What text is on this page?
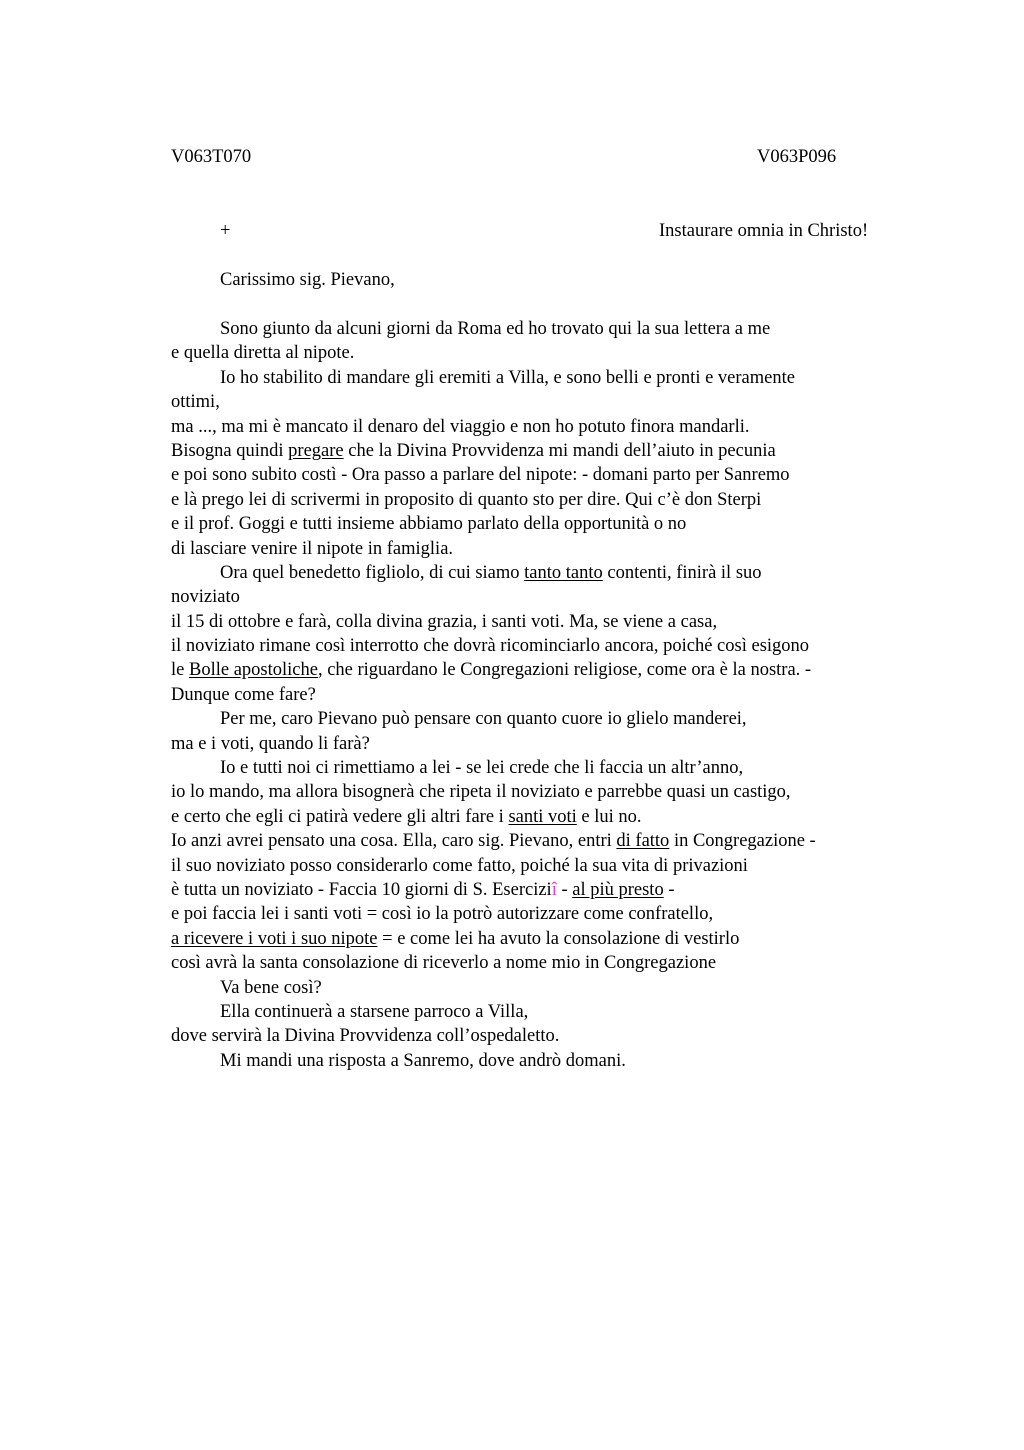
V063T070	V063P096
+	Instaurare omnia in Christo!
Carissimo sig. Pievano,
Sono giunto da alcuni giorni da Roma ed ho trovato qui la sua lettera a me
e quella diretta al nipote.
Io ho stabilito di mandare gli eremiti a Villa, e sono belli e pronti e veramente
ottimi,
ma ..., ma mi è mancato il denaro del viaggio e non ho potuto finora mandarli.
Bisogna quindi pregare che la Divina Provvidenza mi mandi dell’aiuto in pecunia
e poi sono subito costì - Ora passo a parlare del nipote: - domani parto per Sanremo
e là prego lei di scrivermi in proposito di quanto sto per dire. Qui c’è don Sterpi
e il prof. Goggi e tutti insieme abbiamo parlato della opportunità o no
di lasciare venire il nipote in famiglia.
Ora quel benedetto figliolo, di cui siamo tanto tanto contenti, finirà il suo
noviziato
il 15 di ottobre e farà, colla divina grazia, i santi voti. Ma, se viene a casa,
il noviziato rimane così interrotto che dovrà ricominciarlo ancora, poiché così esigono
le Bolle apostoliche, che riguardano le Congregazioni religiose, come ora è la nostra. -
Dunque come fare?
Per me, caro Pievano può pensare con quanto cuore io glielo manderei,
ma e i voti, quando li farà?
Io e tutti noi ci rimettiamo a lei - se lei crede che li faccia un altr’anno,
io lo mando, ma allora bisognerà che ripeta il noviziato e parrebbe quasi un castigo,
e certo che egli ci patirà vedere gli altri fare i santi voti e lui no.
Io anzi avrei pensato una cosa. Ella, caro sig. Pievano, entri di fatto in Congregazione -
il suo noviziato posso considerarlo come fatto, poiché la sua vita di privazioni
è tutta un noviziato - Faccia 10 giorni di S. Eserciziî - al più presto -
e poi faccia lei i santi voti = così io la potrò autorizzare come confratello,
a ricevere i voti i suo nipote = e come lei ha avuto la consolazione di vestirlo
così avrà la santa consolazione di riceverlo a nome mio in Congregazione
Va bene così?
Ella continuerà a starsene parroco a Villa,
dove servirà la Divina Provvidenza coll’ospedaletto.
Mi mandi una risposta a Sanremo, dove andrò domani.
